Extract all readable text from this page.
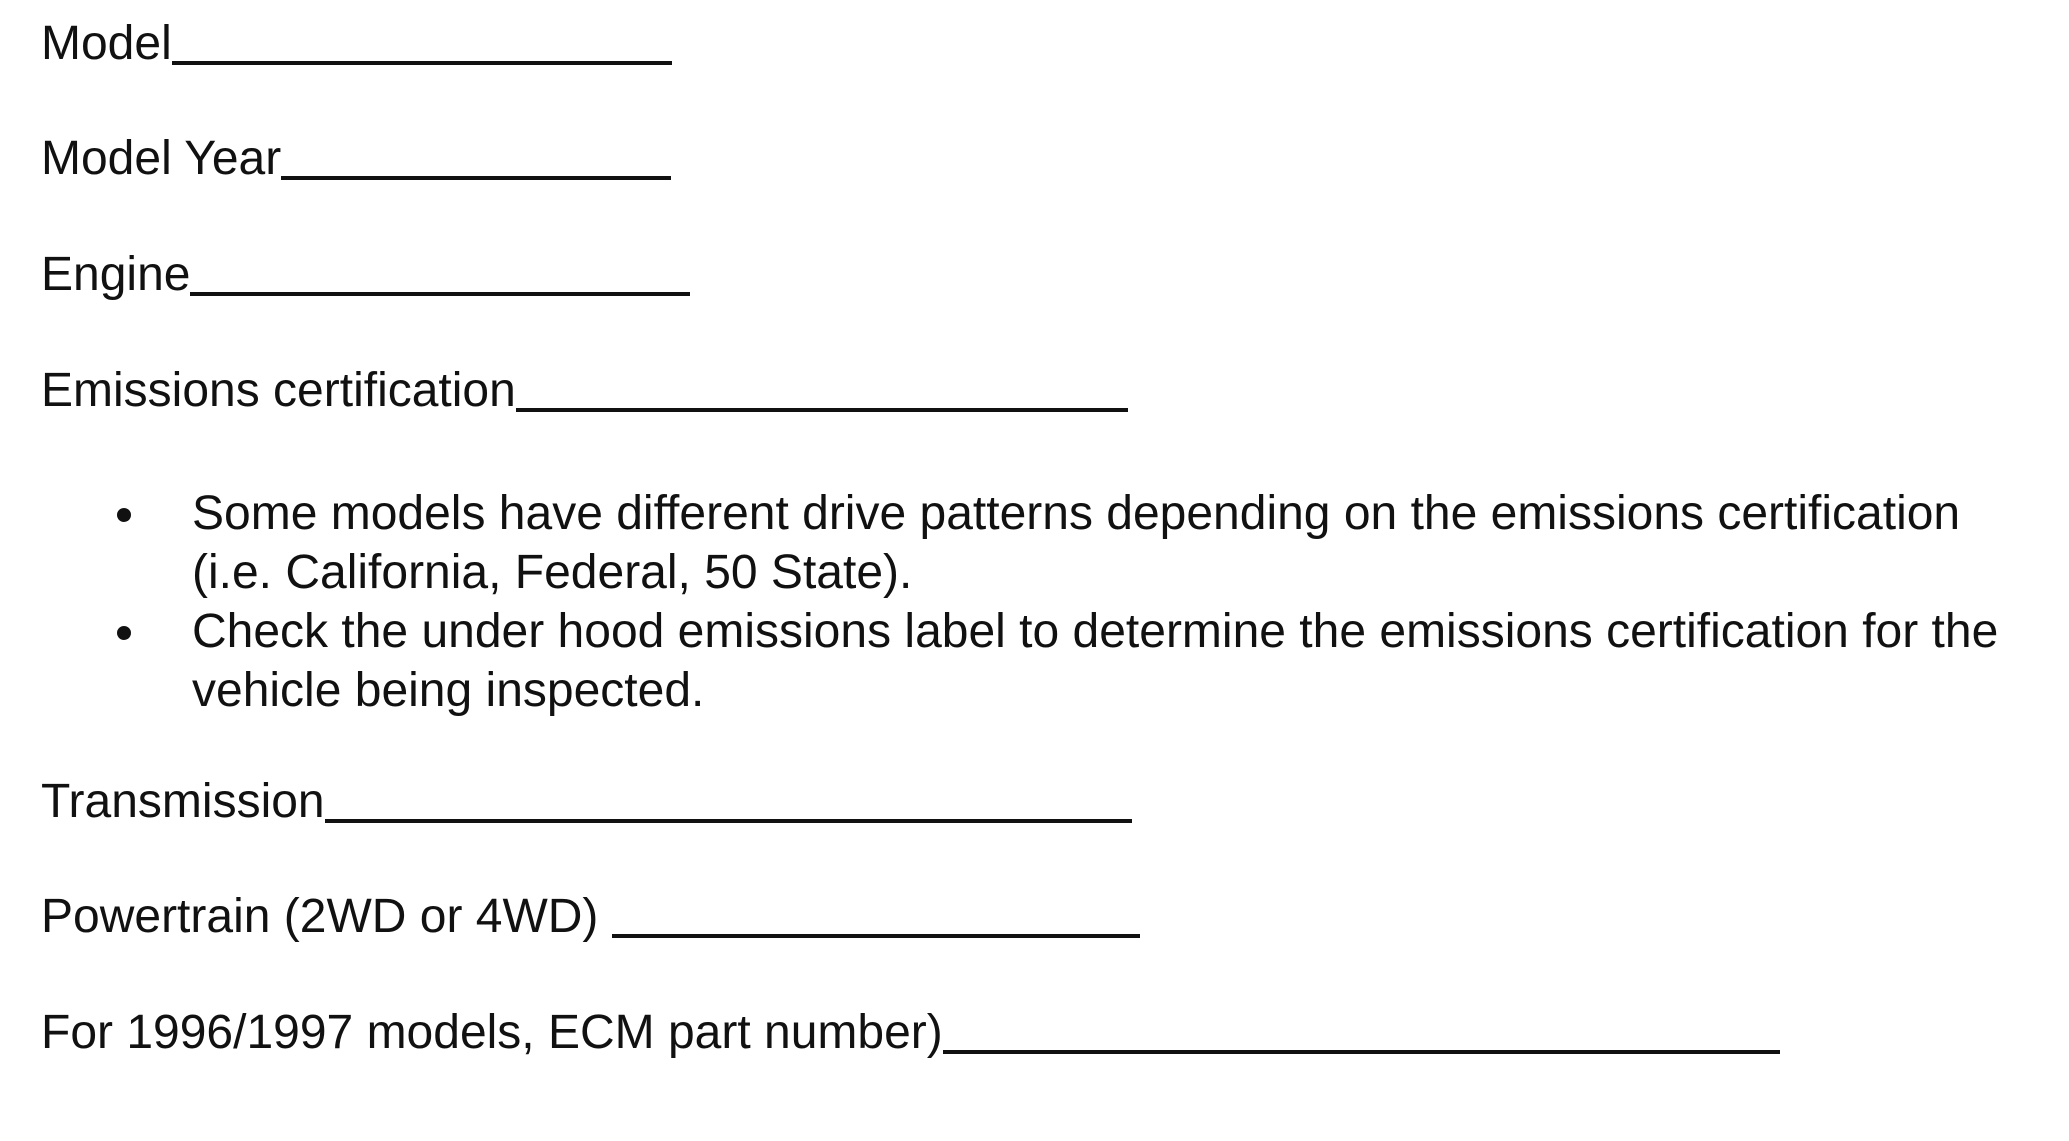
Model
Model Year
Engine
Emissions certification
Some models have different drive patterns depending on the emissions certification (i.e. California, Federal, 50 State).
Check the under hood emissions label to determine the emissions certification for the vehicle being inspected.
Transmission
Powertrain (2WD or 4WD)
For 1996/1997 models, ECM part number)
